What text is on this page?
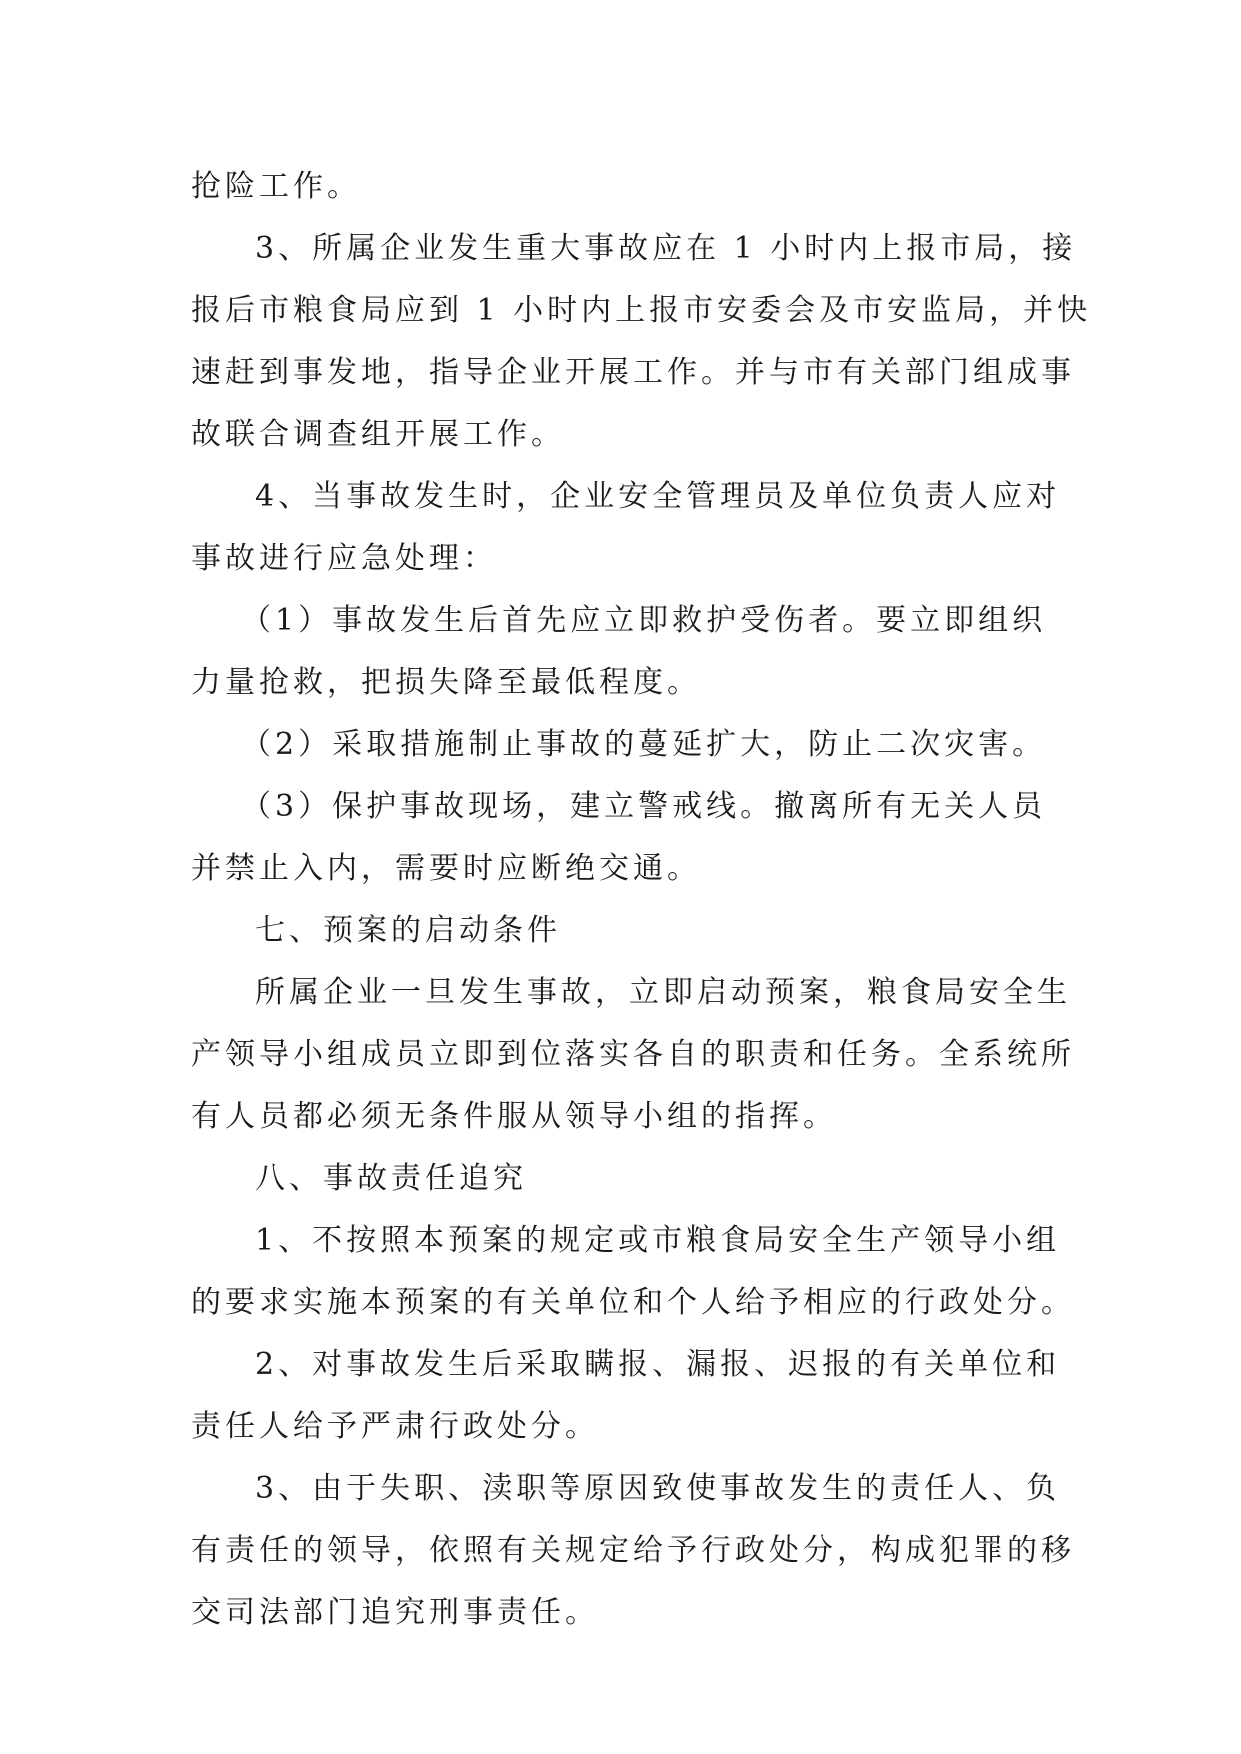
抢险工作。
3、所属企业发生重大事故应在 1 小时内上报市局，接
报后市粮食局应到 1 小时内上报市安委会及市安监局，并快
速赶到事发地，指导企业开展工作。并与市有关部门组成事
故联合调查组开展工作。
4、当事故发生时，企业安全管理员及单位负责人应对
事故进行应急处理：
（1）事故发生后首先应立即救护受伤者。要立即组织
力量抢救，把损失降至最低程度。
（2）采取措施制止事故的蔓延扩大，防止二次灾害。
（3）保护事故现场，建立警戒线。撤离所有无关人员
并禁止入内，需要时应断绝交通。
七、预案的启动条件
所属企业一旦发生事故，立即启动预案，粮食局安全生
产领导小组成员立即到位落实各自的职责和任务。全系统所
有人员都必须无条件服从领导小组的指挥。
八、事故责任追究
1、不按照本预案的规定或市粮食局安全生产领导小组
的要求实施本预案的有关单位和个人给予相应的行政处分。
2、对事故发生后采取瞒报、漏报、迟报的有关单位和
责任人给予严肃行政处分。
3、由于失职、渎职等原因致使事故发生的责任人、负
有责任的领导，依照有关规定给予行政处分，构成犯罪的移
交司法部门追究刑事责任。
